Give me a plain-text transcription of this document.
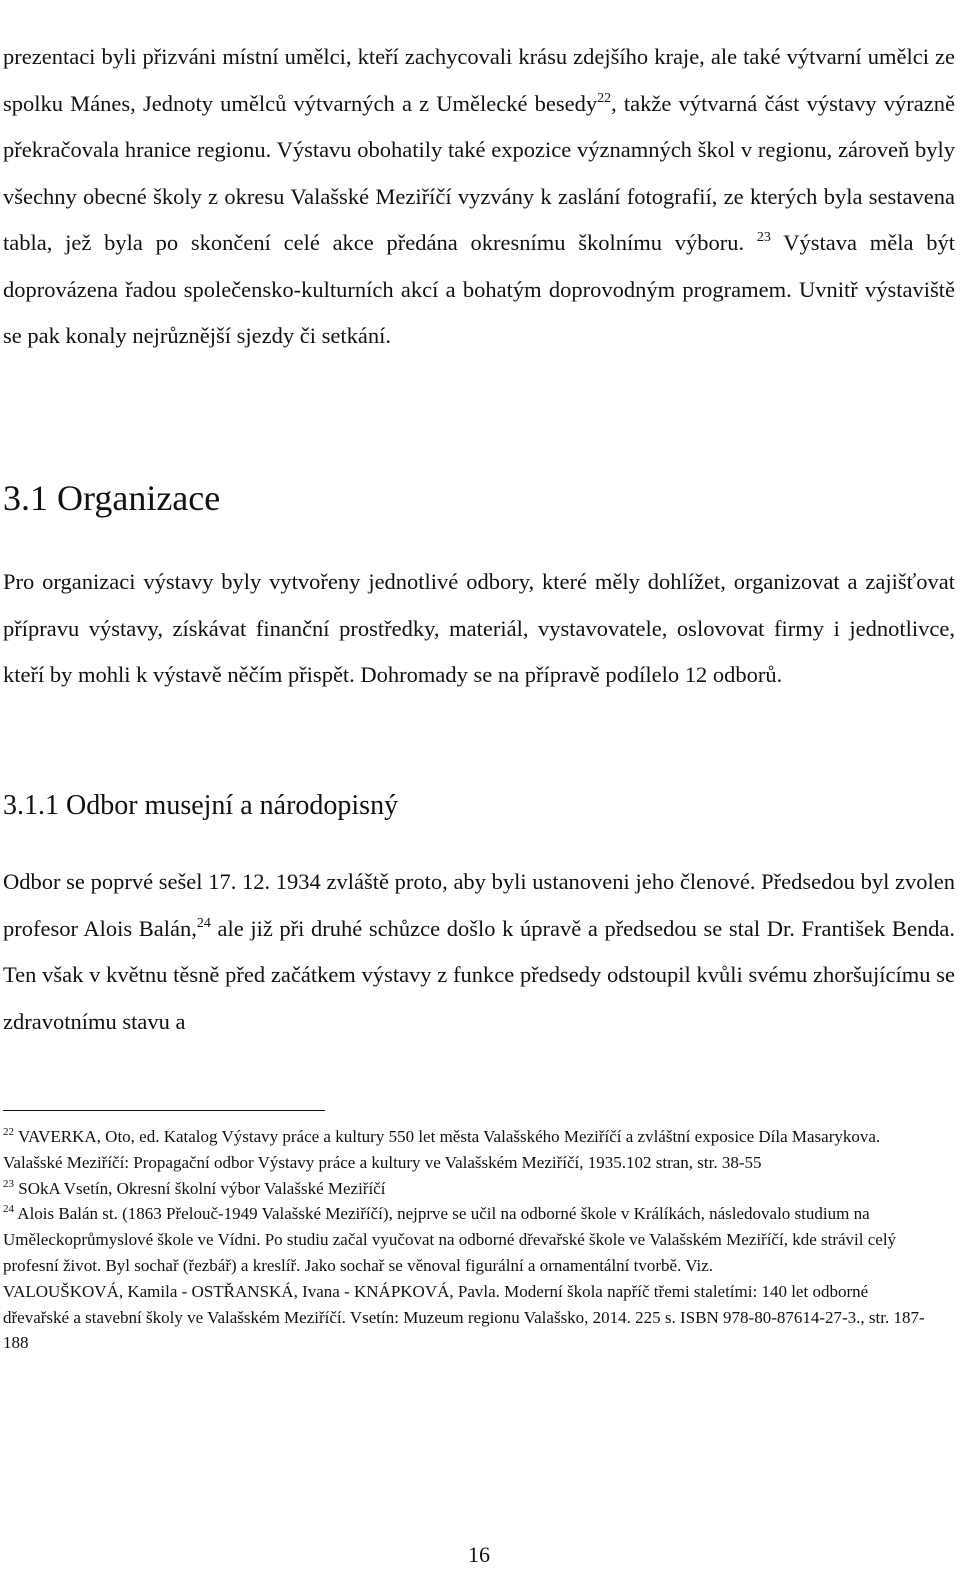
prezentaci byli přizváni místní umělci, kteří zachycovali krásu zdejšího kraje, ale také výtvarní umělci ze spolku Mánes, Jednoty umělců výtvarných a z Umělecké besedy$^{22}$, takže výtvarná část výstavy výrazně překračovala hranice regionu. Výstavu obohatily také expozice významných škol v regionu, zároveň byly všechny obecné školy z okresu Valašské Meziříčí vyzvány k zaslání fotografií, ze kterých byla sestavena tabla, jež byla po skončení celé akce předána okresnímu školnímu výboru. $^{23}$ Výstava měla být doprovázena řadou společensko-kulturních akcí a bohatým doprovodným programem. Uvnitř výstaviště se pak konaly nejrůznější sjezdy či setkání.

3.1 Organizace

Pro organizaci výstavy byly vytvořeny jednotlivé odbory, které měly dohlížet, organizovat a zajišťovat přípravu výstavy, získávat finanční prostředky, materiál, vystavovatele, oslovovat firmy i jednotlivce, kteří by mohli k výstavě něčím přispět. Dohromady se na přípravě podílelo 12 odborů.

3.1.1 Odbor musejní a národopisný

Odbor se poprvé sešel 17. 12. 1934 zvláště proto, aby byli ustanoveni jeho členové. Předsedou byl zvolen profesor Alois Balán,$^{24}$ ale již při druhé schůzce došlo k úpravě a předsedou se stal Dr. František Benda. Ten však v květnu těsně před začátkem výstavy z funkce předsedy odstoupil kvůli svému zhoršujícímu se zdravotnímu stavu a

$^{22}$ VAVERKA, Oto, ed. Katalog Výstavy práce a kultury 550 let města Valašského Meziříčí a zvláštní exposice Díla Masarykova. Valašské Meziříčí: Propagační odbor Výstavy práce a kultury ve Valašském Meziříčí, 1935.102 stran, str. 38-55

$^{23}$ SOkA Vsetín, Okresní školní výbor Valašské Meziříčí

$^{24}$ Alois Balán st. (1863 Přelouč-1949 Valašské Meziříčí), nejprve se učil na odborné škole v Králíkách, následovalo studium na Uměleckoprůmyslové škole ve Vídni. Po studiu začal vyučovat na odborné dřevařské škole ve Valašském Meziříčí, kde strávil celý profesní život. Byl sochař (řezbář) a kreslíř. Jako sochař se věnoval figurální a ornamentální tvorbě. Viz.

VALOUŠKOVÁ, Kamila - OSTŘANSKÁ, Ivana - KNÁPKOVÁ, Pavla. Moderní škola napříč třemi staletími: 140 let odborné dřevařské a stavební školy ve Valašském Meziříčí. Vsetín: Muzeum regionu Valašsko, 2014. 225 s. ISBN 978-80-87614-27-3., str. 187-188

16
